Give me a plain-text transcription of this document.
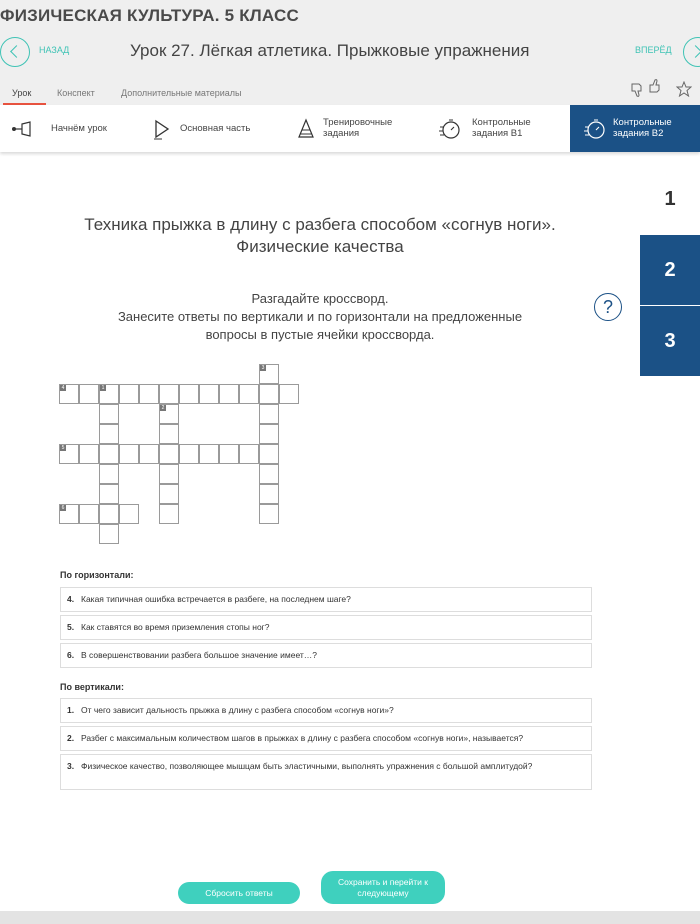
ФИЗИЧЕСКАЯ КУЛЬТУРА. 5 КЛАСС
НАЗАД	Урок 27. Лёгкая атлетика. Прыжковые упражнения	ВПЕРЁД
Урок	Конспект	Дополнительные материалы
Начнём урок	Основная часть
Тренировочные
задания
Контрольные
задания В1
Контрольные
задания В2
1
2
3
Техника прыжка в длину с разбега способом «согнув ноги».
Физические качества
Разгадайте кроссворд.
Занесите ответы по вертикали и по горизонтали на предложенные
вопросы в пустые ячейки кроссворда.
?
4	1
3
2
5
6
По горизонтали:
4. Какая типичная ошибка встречается в разбеге, на последнем шаге?
5. Как ставятся во время приземления стопы ног?
6. В совершенствовании разбега большое значение имеет…?
По вертикали:
1. От чего зависит дальность прыжка в длину с разбега способом «согнув ноги»?
2. Разбег с максимальным количеством шагов в прыжках в длину с разбега способом «согнув ноги», называется?
3. Физическое качество, позволяющее мышцам быть эластичными, выполнять упражнения с большой амплитудой?
Сбросить ответы
Сохранить и перейти к
следующему
